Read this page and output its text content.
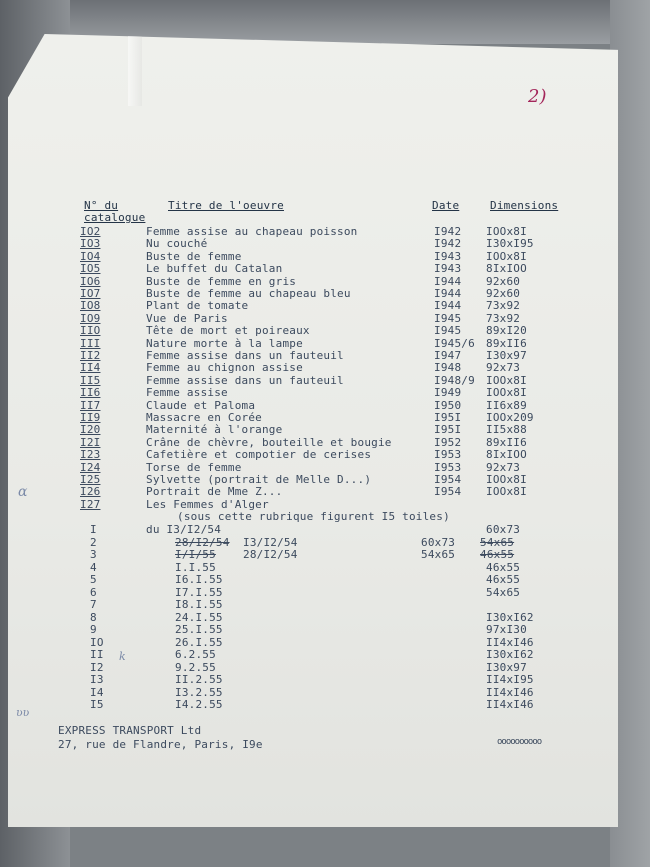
2)
N° du
catalogue
Titre de l'oeuvre	Date	Dimensions
IO2	Femme assise au chapeau poisson	I942 IOOx8I
IO3	Nu couché	I942 I30xI95
IO4	Buste de femme	I943 IOOx8I
IO5	Le buffet du Catalan	I943 8IxIOO
IO6	Buste de femme en gris	I944 92x60
IO7	Buste de femme au chapeau bleu	I944 92x60
IO8	Plant de tomate	I944 73x92
IO9	Vue de Paris	I945 73x92
IIO	Tête de mort et poireaux	I945 89xI20
III	Nature morte à la lampe	I945/6 89xII6
II2	Femme assise dans un fauteuil	I947 I30x97
II4	Femme au chignon assise	I948 92x73
II5	Femme assise dans un fauteuil	I948/9 IOOx8I
II6	Femme assise	I949 IOOx8I
II7	Claude et Paloma	I950 II6x89
II9	Massacre en Corée	I95I IOOx209
I20	Maternité à l'orange	I95I II5x88
I2I	Crâne de chèvre, bouteille et bougie	I952 89xII6
I23	Cafetière et compotier de cerises	I953 8IxIOO
I24	Torse de femme	I953 92x73
I25	Sylvette (portrait de Melle D...)	I954 IOOx8I
I26	Portrait de Mme Z...	I954 IOOx8I
I27	Les Femmes d'Alger
(sous cette rubrique figurent I5 toiles)
I	du I3/I2/54	60x73
2	28/I2/54 I3/I2/54	60x73 54x65
3	I/I/55 28/I2/54	54x65 46x55
4	I.I.55	46x55
5	I6.I.55	46x55
6	I7.I.55	54x65
7	I8.I.55
8	24.I.55	I30xI62
9	25.I.55	97xI30
IO	26.I.55	II4xI46
II	6.2.55	I30xI62
I2	9.2.55	I30x97
I3	II.2.55	II4xI95
I4	I3.2.55	II4xI46
I5	I4.2.55	II4xI46
ɑ
k
ʋʋ
EXPRESS TRANSPORT Ltd
27, rue de Flandre, Paris, I9e	oooooooooo
